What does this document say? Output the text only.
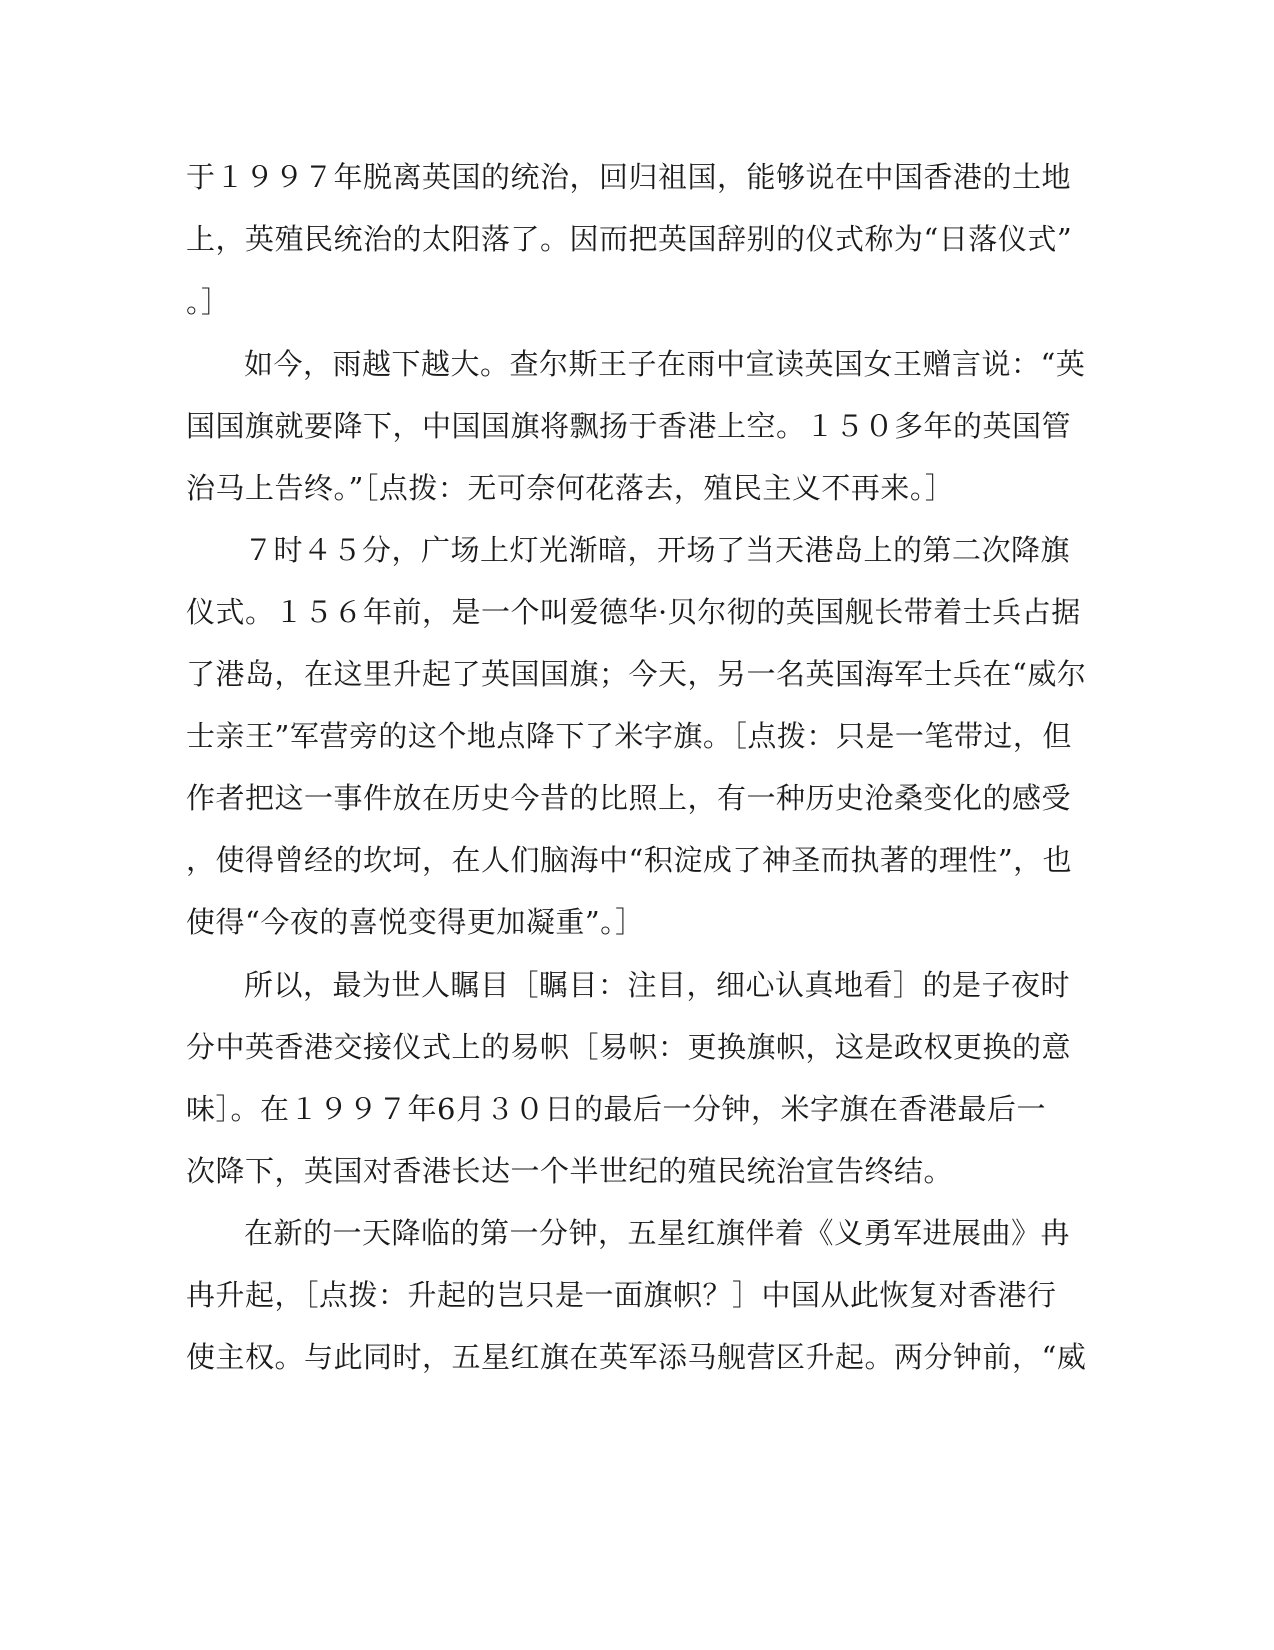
于１９９７年脱离英国的统治，回归祖国，能够说在中国香港的土地
上，英殖民统治的太阳落了。因而把英国辞别的仪式称为“日落仪式”
。］
如今，雨越下越大。查尔斯王子在雨中宣读英国女王赠言说：“英
国国旗就要降下，中国国旗将飘扬于香港上空。１５０多年的英国管
治马上告终。”［点拨：无可奈何花落去，殖民主义不再来。］
７时４５分，广场上灯光渐暗，开场了当天港岛上的第二次降旗
仪式。１５６年前，是一个叫爱德华·贝尔彻的英国舰长带着士兵占据
了港岛，在这里升起了英国国旗；今天，另一名英国海军士兵在“威尔
士亲王”军营旁的这个地点降下了米字旗。［点拨：只是一笔带过，但
作者把这一事件放在历史今昔的比照上，有一种历史沧桑变化的感受
，使得曾经的坎坷，在人们脑海中“积淀成了神圣而执著的理性”，也
使得“今夜的喜悦变得更加凝重”。］
所以，最为世人瞩目［瞩目：注目，细心认真地看］的是子夜时
分中英香港交接仪式上的易帜［易帜：更换旗帜，这是政权更换的意
味］。在１９９７年6月３０日的最后一分钟，米字旗在香港最后一
次降下，英国对香港长达一个半世纪的殖民统治宣告终结。
在新的一天降临的第一分钟，五星红旗伴着《义勇军进展曲》冉
冉升起，［点拨：升起的岂只是一面旗帜？］中国从此恢复对香港行
使主权。与此同时，五星红旗在英军添马舰营区升起。两分钟前，“威
